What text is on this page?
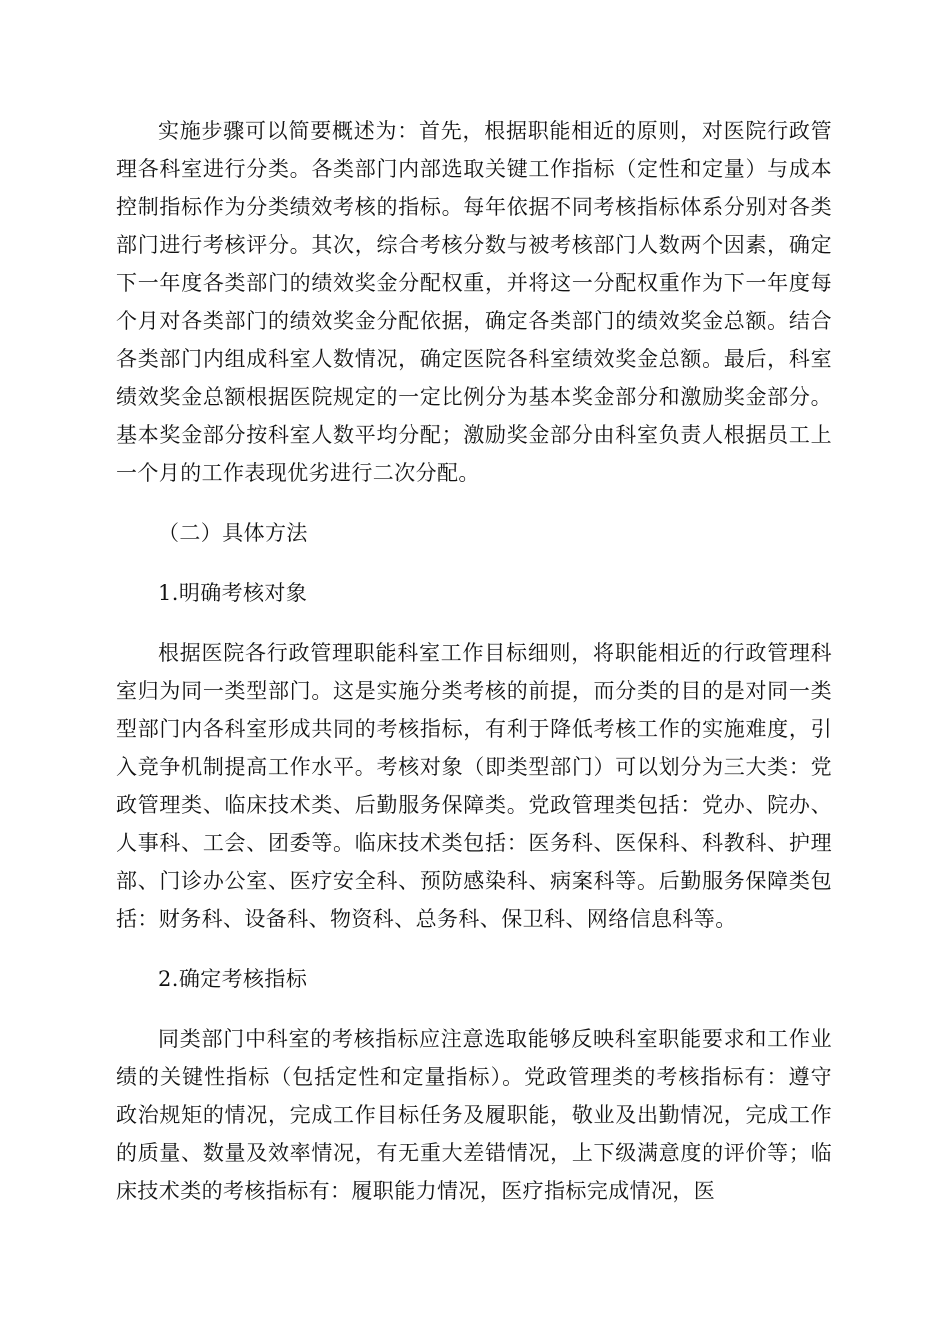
实施步骤可以简要概述为：首先，根据职能相近的原则，对医院行政管理各科室进行分类。各类部门内部选取关键工作指标（定性和定量）与成本控制指标作为分类绩效考核的指标。每年依据不同考核指标体系分别对各类部门进行考核评分。其次，综合考核分数与被考核部门人数两个因素，确定下一年度各类部门的绩效奖金分配权重，并将这一分配权重作为下一年度每个月对各类部门的绩效奖金分配依据，确定各类部门的绩效奖金总额。结合各类部门内组成科室人数情况，确定医院各科室绩效奖金总额。最后，科室绩效奖金总额根据医院规定的一定比例分为基本奖金部分和激励奖金部分。基本奖金部分按科室人数平均分配；激励奖金部分由科室负责人根据员工上一个月的工作表现优劣进行二次分配。

（二）具体方法

1.明确考核对象

根据医院各行政管理职能科室工作目标细则，将职能相近的行政管理科室归为同一类型部门。这是实施分类考核的前提，而分类的目的是对同一类型部门内各科室形成共同的考核指标，有利于降低考核工作的实施难度，引入竞争机制提高工作水平。考核对象（即类型部门）可以划分为三大类：党政管理类、临床技术类、后勤服务保障类。党政管理类包括：党办、院办、人事科、工会、团委等。临床技术类包括：医务科、医保科、科教科、护理部、门诊办公室、医疗安全科、预防感染科、病案科等。后勤服务保障类包括：财务科、设备科、物资科、总务科、保卫科、网络信息科等。

2.确定考核指标

同类部门中科室的考核指标应注意选取能够反映科室职能要求和工作业绩的关键性指标（包括定性和定量指标）。党政管理类的考核指标有：遵守政治规矩的情况，完成工作目标任务及履职能，敬业及出勤情况，完成工作的质量、数量及效率情况，有无重大差错情况，上下级满意度的评价等；临床技术类的考核指标有：履职能力情况，医疗指标完成情况，医
